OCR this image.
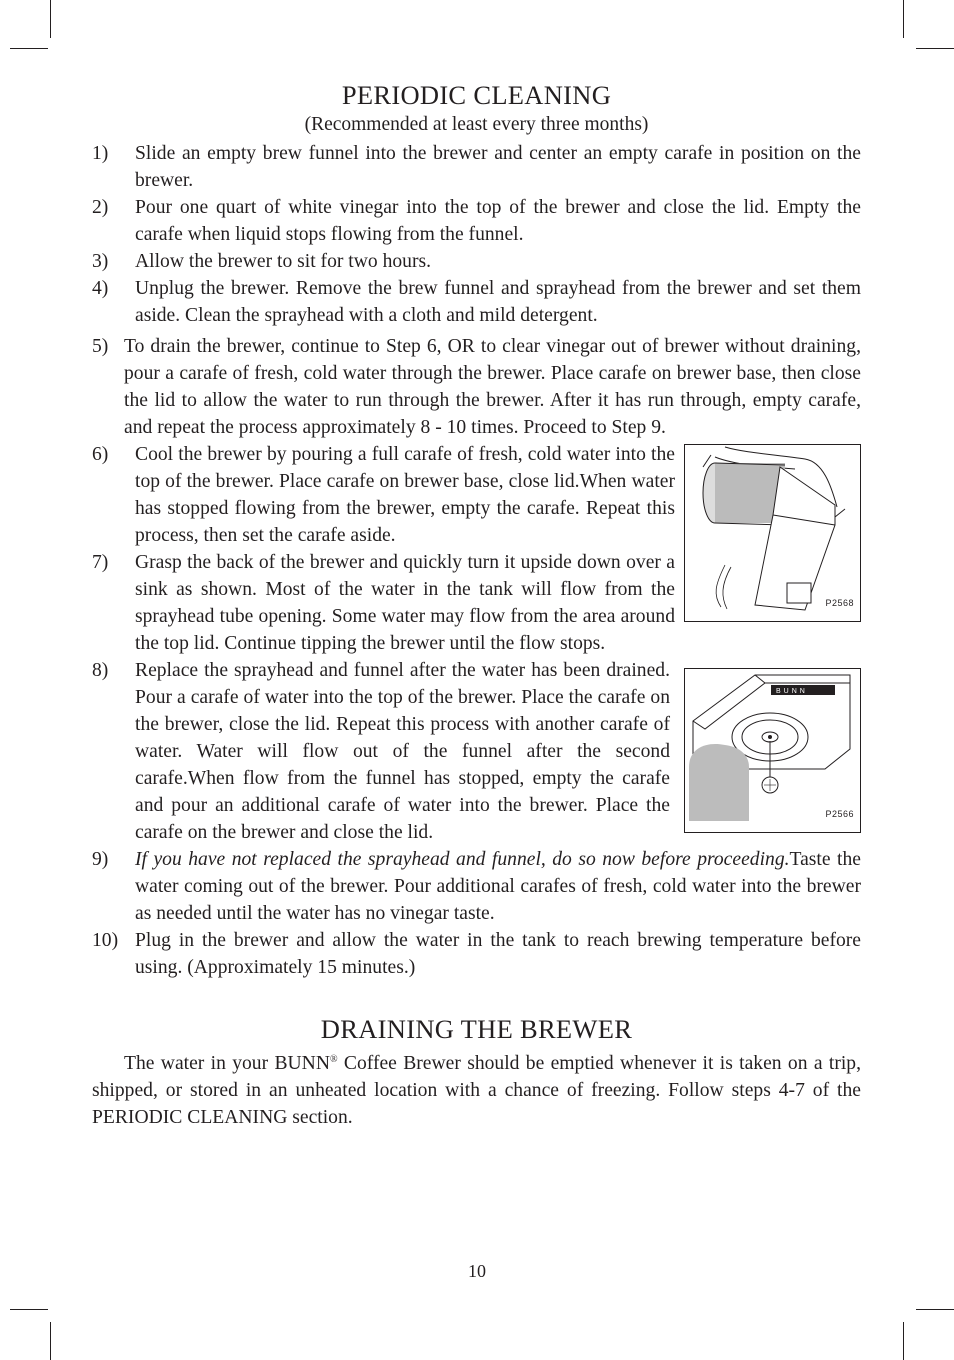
PERIODIC CLEANING
(Recommended at least every three months)
1) Slide an empty brew funnel into the brewer and center an empty carafe in position on the brewer.
2) Pour one quart of white vinegar into the top of the brewer and close the lid. Empty the carafe when liquid stops flowing from the funnel.
3) Allow the brewer to sit for two hours.
4) Unplug the brewer. Remove the brew funnel and sprayhead from the brewer and set them aside. Clean the sprayhead with a cloth and mild detergent.
5) To drain the brewer, continue to Step 6, OR to clear vinegar out of brewer without draining, pour a carafe of fresh, cold water through the brewer. Place carafe on brewer base, then close the lid to allow the water to run through the brewer. After it has run through, empty carafe, and repeat the process approximately 8 - 10 times. Proceed to Step 9.
P2568
6) Cool the brewer by pouring a full carafe of fresh, cold water into the top of the brewer. Place carafe on brewer base, close lid.When water has stopped flowing from the brewer, empty the carafe. Repeat this process, then set the carafe aside.
7) Grasp the back of the brewer and quickly turn it upside down over a sink as shown. Most of the water in the tank will flow from the sprayhead tube opening. Some water may flow from the area around the top lid. Continue tipping the brewer until the flow stops.
BUNN
P2566
8) Replace the sprayhead and funnel after the water has been drained. Pour a carafe of water into the top of the brewer. Place the carafe on the brewer, close the lid. Repeat this process with another carafe of water. Water will flow out of the funnel after the second carafe.When flow from the funnel has stopped, empty the carafe and pour an additional carafe of water into the brewer. Place the carafe on the brewer and close the lid.
9) If you have not replaced the sprayhead and funnel, do so now before proceeding.Taste the water coming out of the brewer. Pour additional carafes of fresh, cold water into the brewer as needed until the water has no vinegar taste.
10) Plug in the brewer and allow the water in the tank to reach brewing temperature before using. (Approximately 15 minutes.)
DRAINING THE BREWER
The water in your BUNN® Coffee Brewer should be emptied whenever it is taken on a trip, shipped, or stored in an unheated location with a chance of freezing. Follow steps 4-7 of the PERIODIC CLEANING section.
10
